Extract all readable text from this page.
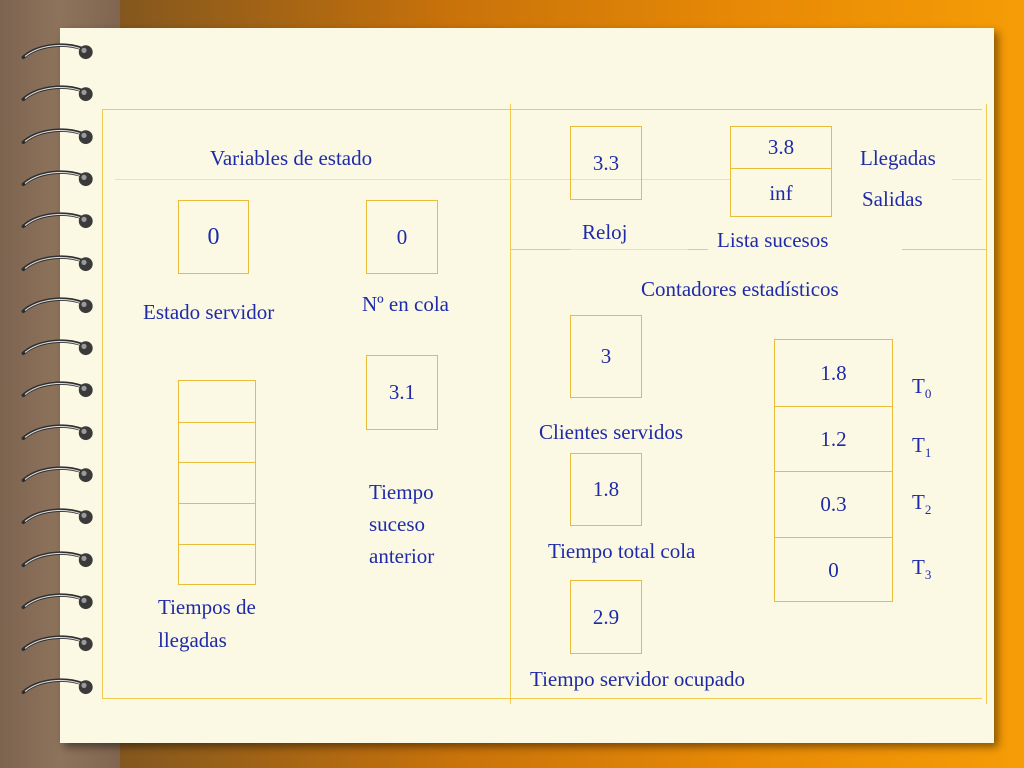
Variables de estado
0
Estado servidor
0
Nº en cola
3.1
Tiempo
suceso
anterior
Tiempos de
llegadas
3.3
Reloj
3.8
inf
Llegadas
Salidas
Lista sucesos
Contadores estadísticos
3
Clientes servidos
1.8
Tiempo total cola
2.9
Tiempo servidor ocupado
1.8
1.2
0.3
0
$T_0$
$T_1$
$T_2$
$T_3$
